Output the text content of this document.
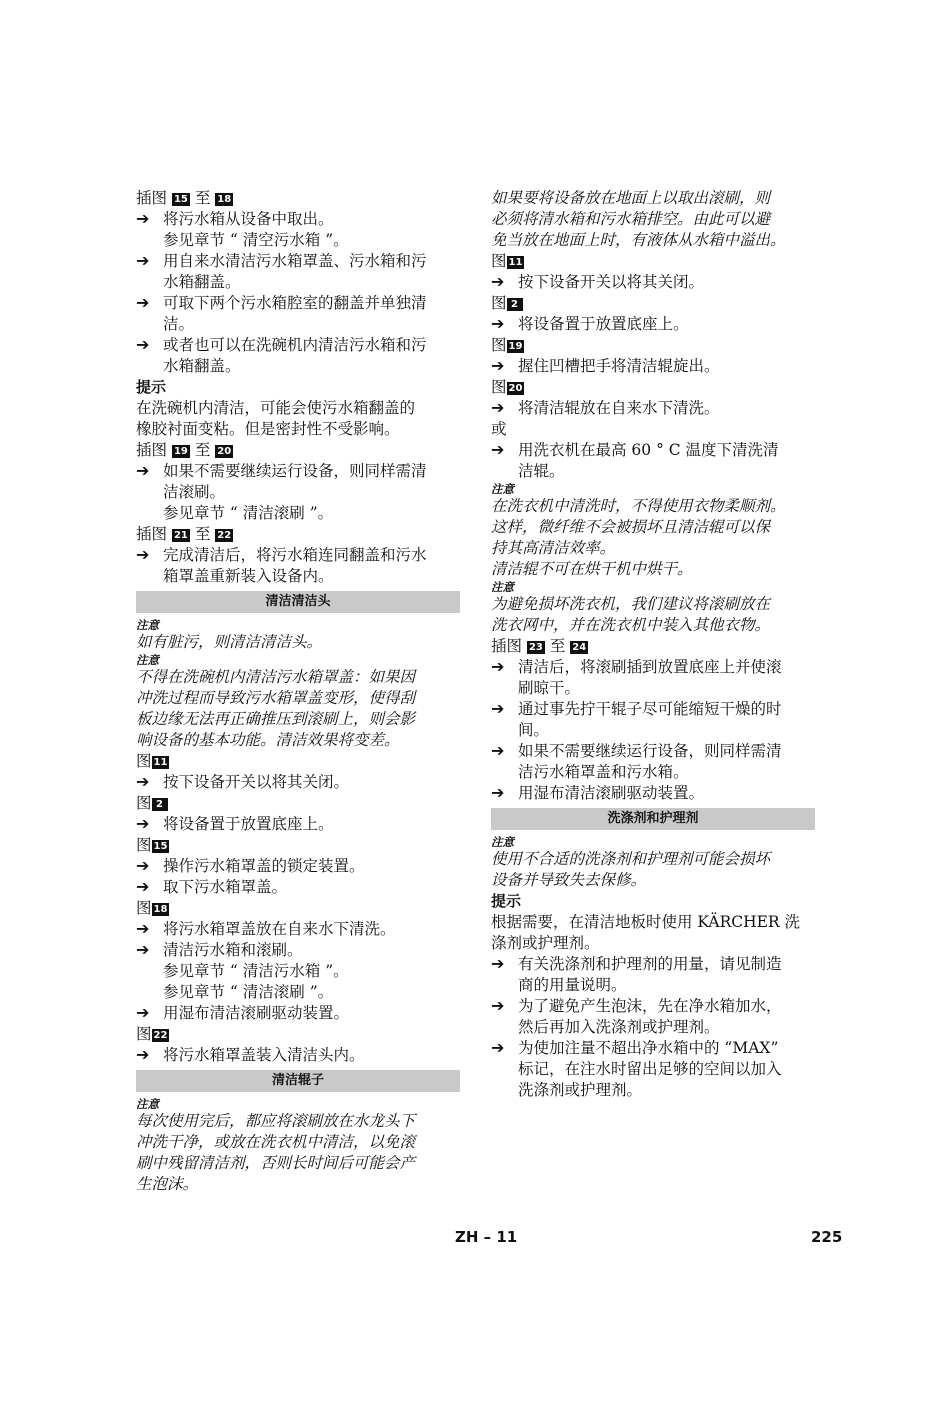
插图 15 至 18
➔ 将污水箱从设备中取出。
参见章节 “ 清空污水箱 ”。
➔ 用自来水清洁污水箱罩盖、污水箱和污
水箱翻盖。
➔ 可取下两个污水箱腔室的翻盖并单独清
洁。
➔ 或者也可以在洗碗机内清洁污水箱和污
水箱翻盖。
提示
在洗碗机内清洁，可能会使污水箱翻盖的
橡胶衬面变粘。但是密封性不受影响。
插图 19 至 20
➔ 如果不需要继续运行设备，则同样需清
洁滚刷。
参见章节 “ 清洁滚刷 ”。
插图 21 至 22
➔ 完成清洁后，将污水箱连同翻盖和污水
箱罩盖重新装入设备内。
清洁清洁头
注意
如有脏污，则清洁清洁头。
注意
不得在洗碗机内清洁污水箱罩盖：如果因
冲洗过程而导致污水箱罩盖变形，使得刮
板边缘无法再正确推压到滚刷上，则会影
响设备的基本功能。清洁效果将变差。
图 11
➔ 按下设备开关以将其关闭。
图 2
➔ 将设备置于放置底座上。
图 15
➔ 操作污水箱罩盖的锁定装置。
➔ 取下污水箱罩盖。
图 18
➔ 将污水箱罩盖放在自来水下清洗。
➔ 清洁污水箱和滚刷。
参见章节 “ 清洁污水箱 ”。
参见章节 “ 清洁滚刷 ”。
➔ 用湿布清洁滚刷驱动装置。
图 22
➔ 将污水箱罩盖装入清洁头内。
清洁辊子
注意
每次使用完后，都应将滚刷放在水龙头下
冲洗干净，或放在洗衣机中清洁，以免滚
刷中残留清洁剂，否则长时间后可能会产
生泡沫。
如果要将设备放在地面上以取出滚刷，则
必须将清水箱和污水箱排空。由此可以避
免当放在地面上时，有液体从水箱中溢出。
图 11
➔ 按下设备开关以将其关闭。
图 2
➔ 将设备置于放置底座上。
图 19
➔ 握住凹槽把手将清洁辊旋出。
图 20
➔ 将清洁辊放在自来水下清洗。
或
➔ 用洗衣机在最高 60 ° C 温度下清洗清
洁辊。
注意
在洗衣机中清洗时，不得使用衣物柔顺剂。
这样，微纤维不会被损坏且清洁辊可以保
持其高清洁效率。
清洁辊不可在烘干机中烘干。
注意
为避免损坏洗衣机，我们建议将滚刷放在
洗衣网中，并在洗衣机中装入其他衣物。
插图 23 至 24
➔ 清洁后，将滚刷插到放置底座上并使滚
刷晾干。
➔ 通过事先拧干辊子尽可能缩短干燥的时
间。
➔ 如果不需要继续运行设备，则同样需清
洁污水箱罩盖和污水箱。
➔ 用湿布清洁滚刷驱动装置。
洗涤剂和护理剂
注意
使用不合适的洗涤剂和护理剂可能会损坏
设备并导致失去保修。
提示
根据需要，在清洁地板时使用 KÄRCHER 洗
涤剂或护理剂。
➔ 有关洗涤剂和护理剂的用量，请见制造
商的用量说明。
➔ 为了避免产生泡沫，先在净水箱加水，
然后再加入洗涤剂或护理剂。
➔ 为使加注量不超出净水箱中的 “MAX”
标记，在注水时留出足够的空间以加入
洗涤剂或护理剂。
ZH – 11	225
